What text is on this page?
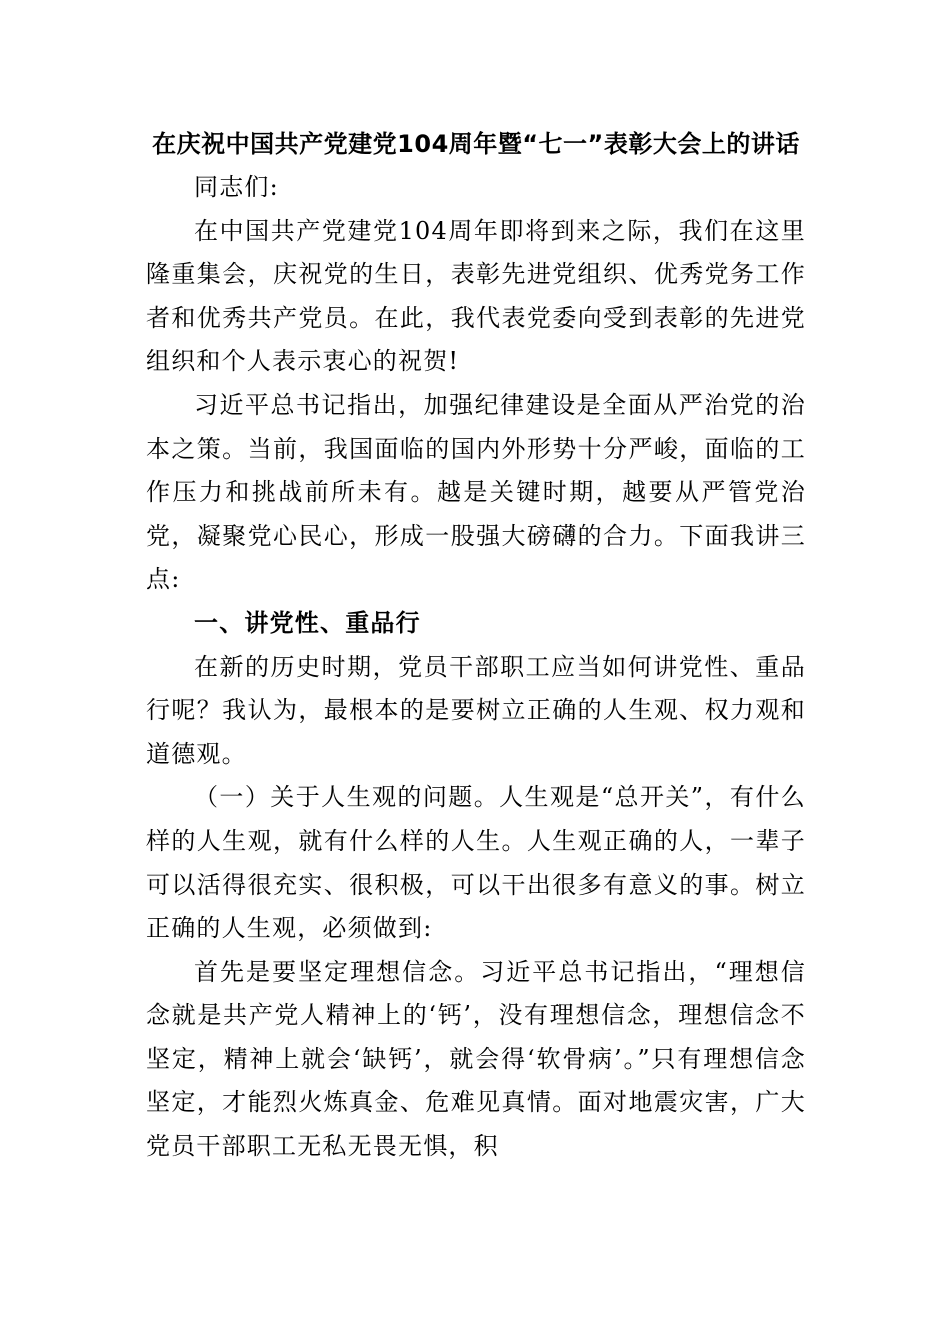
在庆祝中国共产党建党104周年暨“七一”表彰大会上的讲话

同志们:

在中国共产党建党104周年即将到来之际，我们在这里隆重集会，庆祝党的生日，表彰先进党组织、优秀党务工作者和优秀共产党员。在此，我代表党委向受到表彰的先进党组织和个人表示衷心的祝贺!

习近平总书记指出，加强纪律建设是全面从严治党的治本之策。当前，我国面临的国内外形势十分严峻，面临的工作压力和挑战前所未有。越是关键时期，越要从严管党治党，凝聚党心民心，形成一股强大磅礴的合力。下面我讲三点:

一、讲党性、重品行

在新的历史时期，党员干部职工应当如何讲党性、重品行呢？我认为，最根本的是要树立正确的人生观、权力观和道德观。

（一）关于人生观的问题。人生观是“总开关”，有什么样的人生观，就有什么样的人生。人生观正确的人，一辈子可以活得很充实、很积极，可以干出很多有意义的事。树立正确的人生观，必须做到:

首先是要坚定理想信念。习近平总书记指出，“理想信念就是共产党人精神上的‘钙’，没有理想信念，理想信念不坚定，精神上就会‘缺钙’，就会得‘软骨病’。”只有理想信念坚定，才能烈火炼真金、危难见真情。面对地震灾害，广大党员干部职工无私无畏无惧，积
